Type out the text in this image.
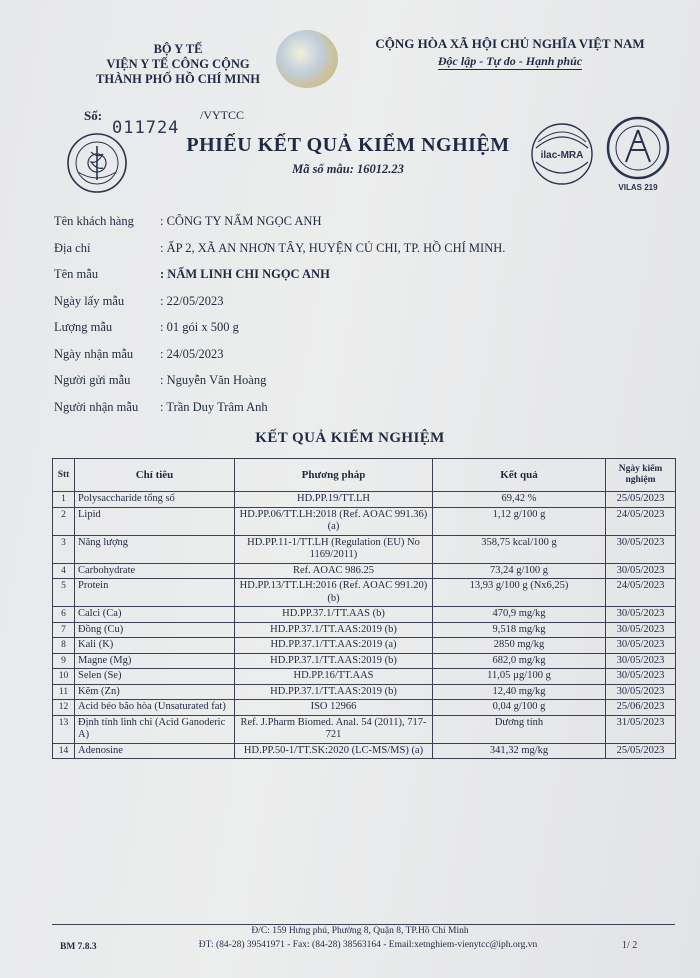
BỘ Y TẾ
VIỆN Y TẾ CÔNG CỘNG
THÀNH PHỐ HỒ CHÍ MINH
CỘNG HÒA XÃ HỘI CHỦ NGHĨA VIỆT NAM
Độc lập - Tự do - Hạnh phúc
Số:
011724
/VYTCC
PHIẾU KẾT QUẢ KIỂM NGHIỆM
Mã số mẫu: 16012.23
ilac-MRA
VILAS 219
Tên khách hàng	: CÔNG TY NẤM NGỌC ANH
Địa chỉ	: ẤP 2, XÃ AN NHƠN TÂY, HUYỆN CỦ CHI, TP. HỒ CHÍ MINH.
Tên mẫu	: NẤM LINH CHI NGỌC ANH
Ngày lấy mẫu	: 22/05/2023
Lượng mẫu	: 01 gói x 500 g
Ngày nhận mẫu	: 24/05/2023
Người gửi mẫu	: Nguyễn Văn Hoàng
Người nhận mẫu	: Trần Duy Trâm Anh
KẾT QUẢ KIỂM NGHIỆM
Stt	Chỉ tiêu	Phương pháp	Kết quả	Ngày kiểm nghiệm
1	Polysaccharide tổng số	HD.PP.19/TT.LH	69,42 %	25/05/2023
2	Lipid	HD.PP.06/TT.LH:2018 (Ref. AOAC 991.36) (a)	1,12 g/100 g	24/05/2023
3	Năng lượng	HD.PP.11-1/TT.LH (Regulation (EU) No 1169/2011)	358,75 kcal/100 g	30/05/2023
4	Carbohydrate	Ref. AOAC 986.25	73,24 g/100 g	30/05/2023
5	Protein	HD.PP.13/TT.LH:2016 (Ref. AOAC 991.20) (b)	13,93 g/100 g (Nx6,25)	24/05/2023
6	Calci (Ca)	HD.PP.37.1/TT.AAS (b)	470,9 mg/kg	30/05/2023
7	Đồng (Cu)	HD.PP.37.1/TT.AAS:2019 (b)	9,518 mg/kg	30/05/2023
8	Kali (K)	HD.PP.37.1/TT.AAS:2019 (a)	2850 mg/kg	30/05/2023
9	Magne (Mg)	HD.PP.37.1/TT.AAS:2019 (b)	682,0 mg/kg	30/05/2023
10	Selen (Se)	HD.PP.16/TT.AAS	11,05 µg/100 g	30/05/2023
11	Kẽm (Zn)	HD.PP.37.1/TT.AAS:2019 (b)	12,40 mg/kg	30/05/2023
12	Acid béo bão hòa (Unsaturated fat)	ISO 12966	0,04 g/100 g	25/06/2023
13	Định tính linh chi (Acid Ganoderic A)	Ref. J.Pharm Biomed. Anal. 54 (2011), 717-721	Dương tính	31/05/2023
14	Adenosine	HD.PP.50-1/TT.SK:2020 (LC-MS/MS) (a)	341,32 mg/kg	25/05/2023
Đ/C: 159 Hưng phú, Phường 8, Quận 8, TP.Hồ Chí Minh
BM 7.8.3	ĐT: (84-28) 39541971 - Fax: (84-28) 38563164 - Email:xetnghiem-vienytcc@iph.org.vn	1/ 2
